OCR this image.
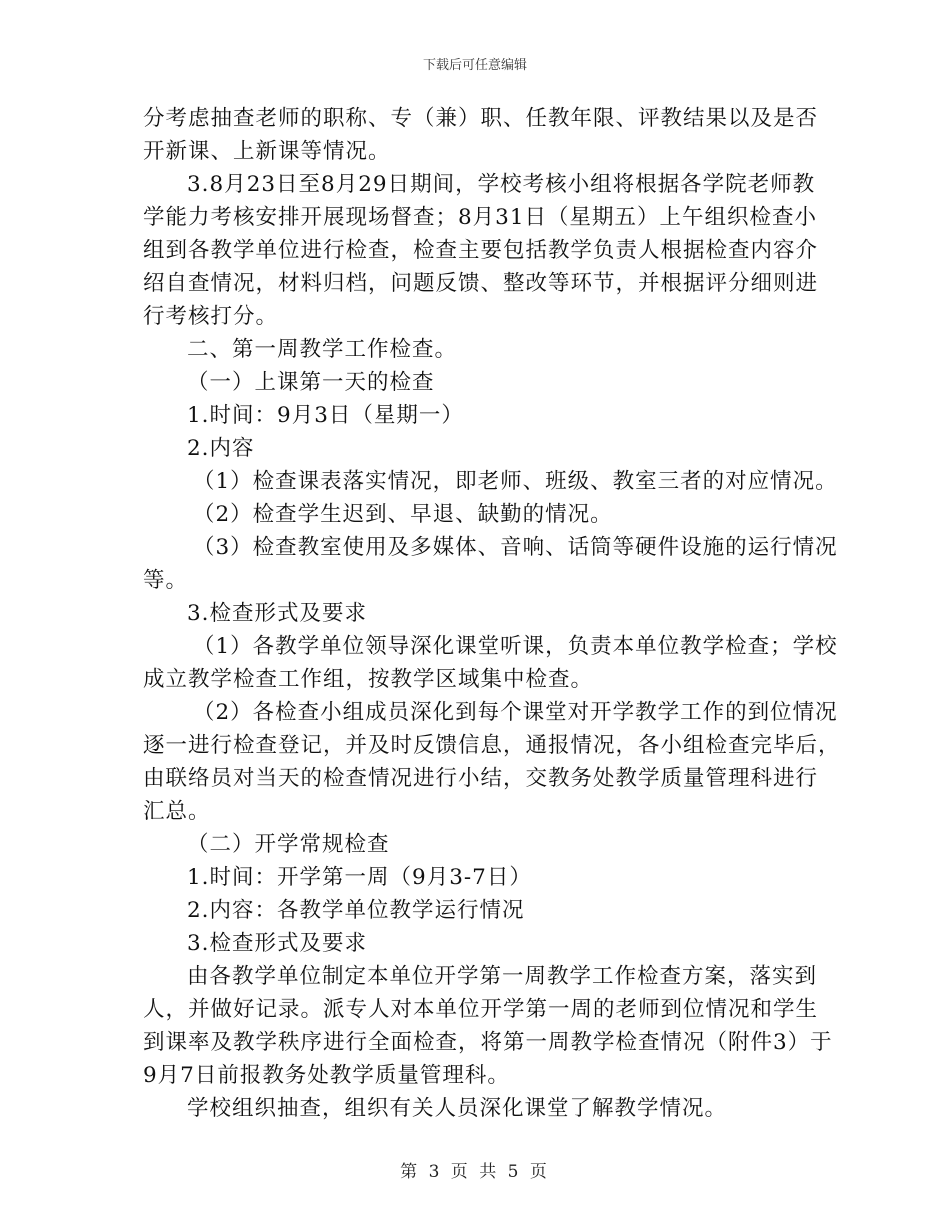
下载后可任意编辑
分考虑抽查老师的职称、专（兼）职、任教年限、评教结果以及是否
开新课、上新课等情况。
3.8月23日至8月29日期间，学校考核小组将根据各学院老师教
学能力考核安排开展现场督查；8月31日（星期五）上午组织检查小
组到各教学单位进行检查，检查主要包括教学负责人根据检查内容介
绍自查情况，材料归档，问题反馈、整改等环节，并根据评分细则进
行考核打分。
二、第一周教学工作检查。
（一）上课第一天的检查
1.时间：9月3日（星期一）
2.内容
（1）检查课表落实情况，即老师、班级、教室三者的对应情况。
（2）检查学生迟到、早退、缺勤的情况。
（3）检查教室使用及多媒体、音响、话筒等硬件设施的运行情况
等。
3.检查形式及要求
（1）各教学单位领导深化课堂听课，负责本单位教学检查；学校
成立教学检查工作组，按教学区域集中检查。
（2）各检查小组成员深化到每个课堂对开学教学工作的到位情况
逐一进行检查登记，并及时反馈信息，通报情况，各小组检查完毕后，
由联络员对当天的检查情况进行小结，交教务处教学质量管理科进行
汇总。
（二）开学常规检查
1.时间：开学第一周（9月3-7日）
2.内容：各教学单位教学运行情况
3.检查形式及要求
由各教学单位制定本单位开学第一周教学工作检查方案，落实到
人，并做好记录。派专人对本单位开学第一周的老师到位情况和学生
到课率及教学秩序进行全面检查，将第一周教学检查情况（附件3）于
9月7日前报教务处教学质量管理科。
学校组织抽查，组织有关人员深化课堂了解教学情况。
第 3 页 共 5 页
